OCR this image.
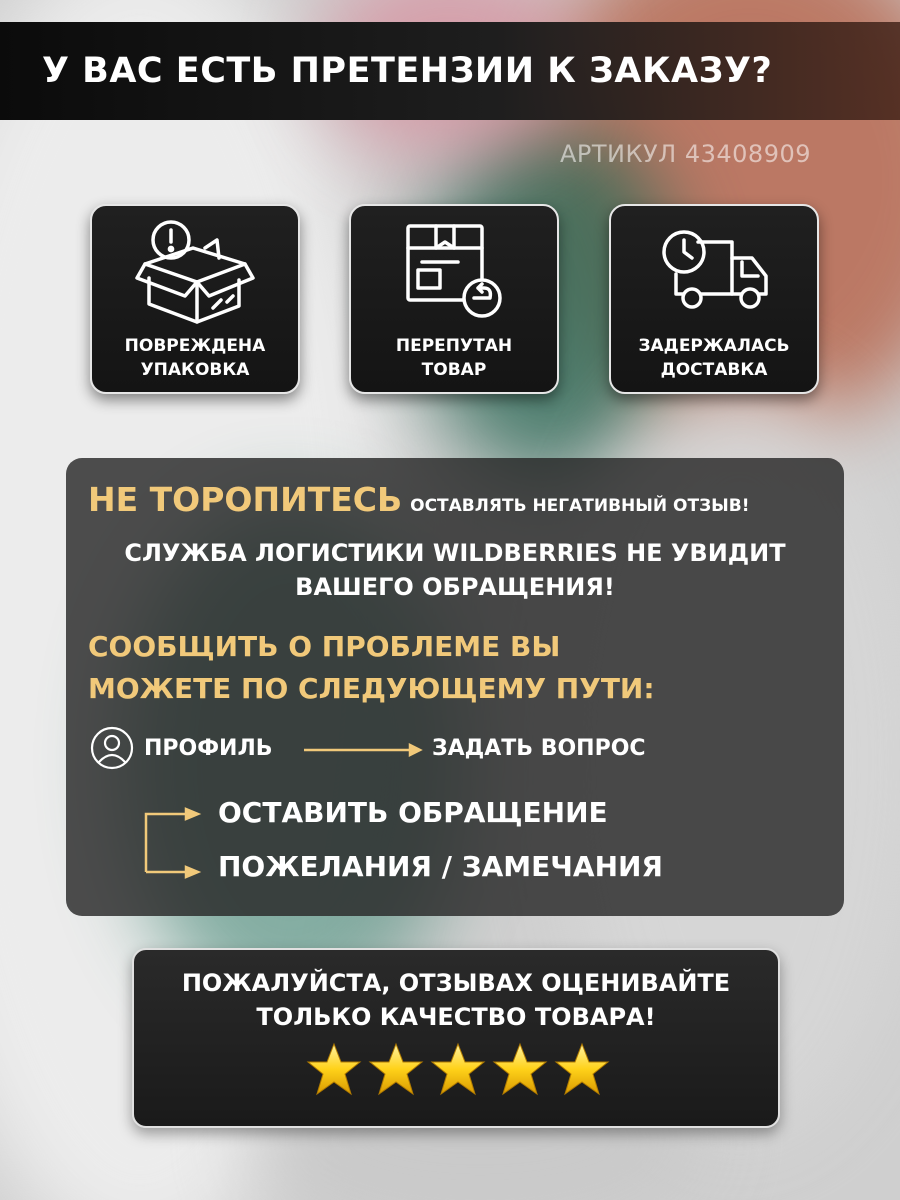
У ВАС ЕСТЬ ПРЕТЕНЗИИ К ЗАКАЗУ?
АРТИКУЛ 43408909
ПОВРЕЖДЕНА
УПАКОВКА
ПЕРЕПУТАН
ТОВАР
ЗАДЕРЖАЛАСЬ
ДОСТАВКА
НЕ ТОРОПИТЕСЬ ОСТАВЛЯТЬ НЕГАТИВНЫЙ ОТЗЫВ!
СЛУЖБА ЛОГИСТИКИ WILDBERRIES НЕ УВИДИТ ВАШЕГО ОБРАЩЕНИЯ!
СООБЩИТЬ О ПРОБЛЕМЕ ВЫ
МОЖЕТЕ ПО СЛЕДУЮЩЕМУ ПУТИ:
ПРОФИЛЬ	ЗАДАТЬ ВОПРОС
ОСТАВИТЬ ОБРАЩЕНИЕ
ПОЖЕЛАНИЯ / ЗАМЕЧАНИЯ
ПОЖАЛУЙСТА, ОТЗЫВАХ ОЦЕНИВАЙТЕ
ТОЛЬКО КАЧЕСТВО ТОВАРА!
